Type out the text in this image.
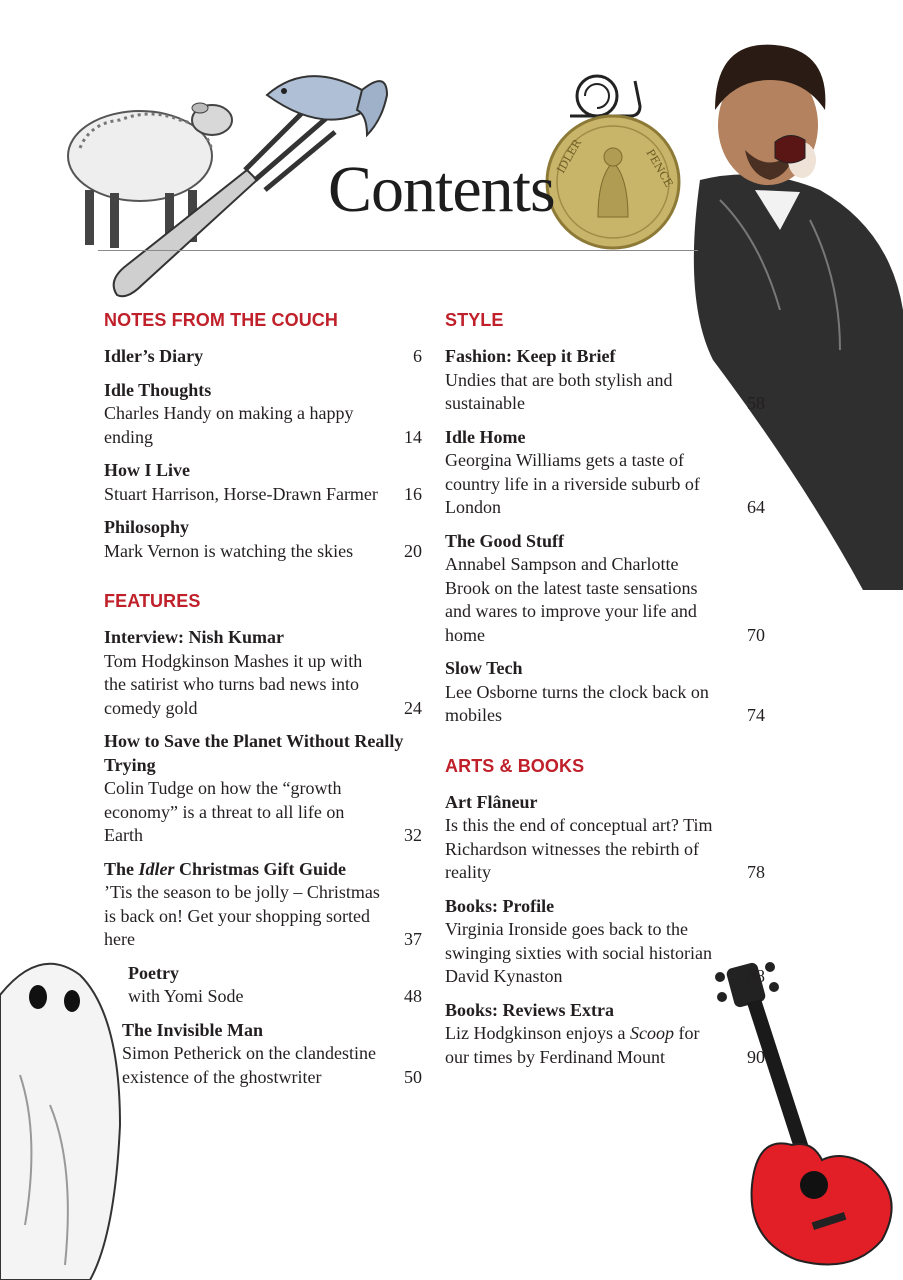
IDLER	PENCE
Contents
NOTES FROM THE COUCH
Idler’s Diary	6
Idle Thoughts
Charles Handy on making a happy ending	14
How I Live
Stuart Harrison, Horse-Drawn Farmer	16
Philosophy
Mark Vernon is watching the skies	20
FEATURES
Interview: Nish Kumar
Tom Hodgkinson Mashes it up with the satirist who turns bad news into comedy gold	24
How to Save the Planet Without Really Trying
Colin Tudge on how the “growth economy” is a threat to all life on Earth	32
The Idler Christmas Gift Guide
’Tis the season to be jolly – Christmas is back on! Get your shopping sorted here	37
Poetry
with Yomi Sode	48
The Invisible Man
Simon Petherick on the clandestine existence of the ghostwriter	50
STYLE
Fashion: Keep it Brief
Undies that are both stylish and sustainable	58
Idle Home
Georgina Williams gets a taste of country life in a riverside suburb of London	64
The Good Stuff
Annabel Sampson and Charlotte Brook on the latest taste sensations and wares to improve your life and home	70
Slow Tech
Lee Osborne turns the clock back on mobiles	74
ARTS & BOOKS
Art Flâneur
Is this the end of conceptual art? Tim Richardson witnesses the rebirth of reality	78
Books: Profile
Virginia Ironside goes back to the swinging sixties with social historian David Kynaston	88
Books: Reviews Extra
Liz Hodgkinson enjoys a Scoop for our times by Ferdinand Mount	90
